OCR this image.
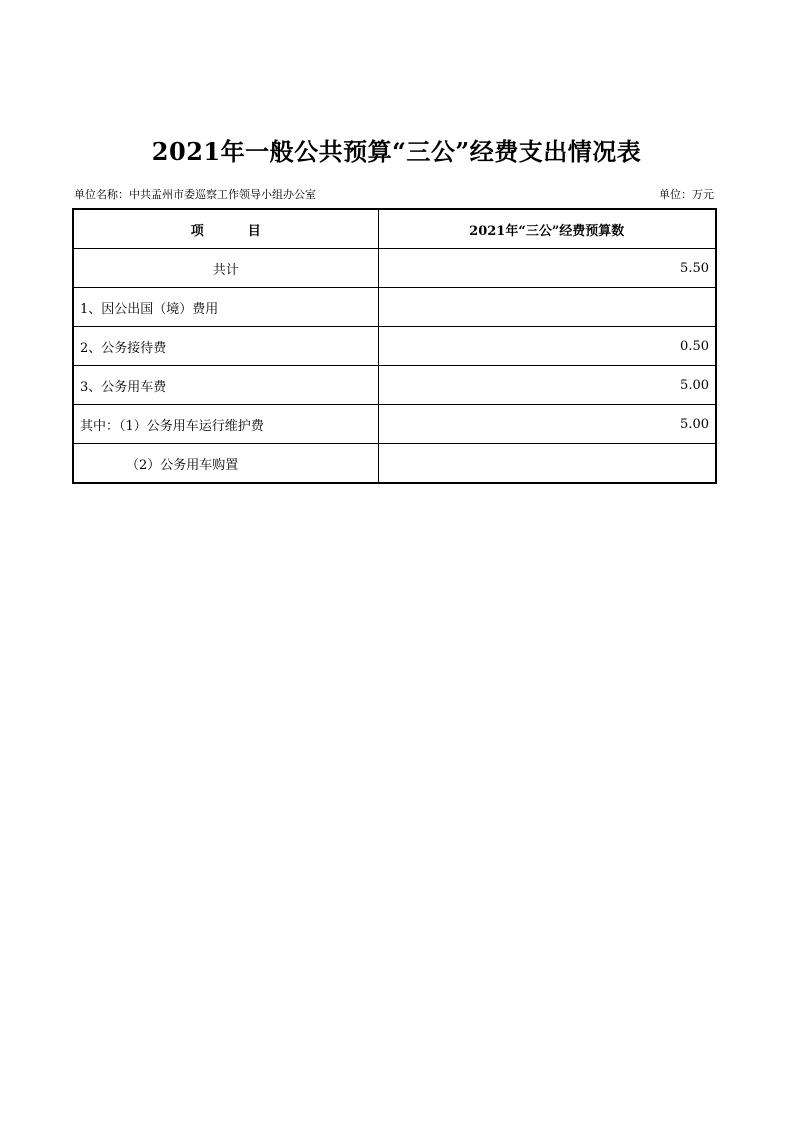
2021年一般公共预算“三公”经费支出情况表
单位名称：中共孟州市委巡察工作领导小组办公室	单位：万元
项 目	2021年“三公”经费预算数
共计	5.50
1、因公出国（境）费用	
2、公务接待费	0.50
3、公务用车费	5.00
其中：（1）公务用车运行维护费	5.00
（2）公务用车购置	
